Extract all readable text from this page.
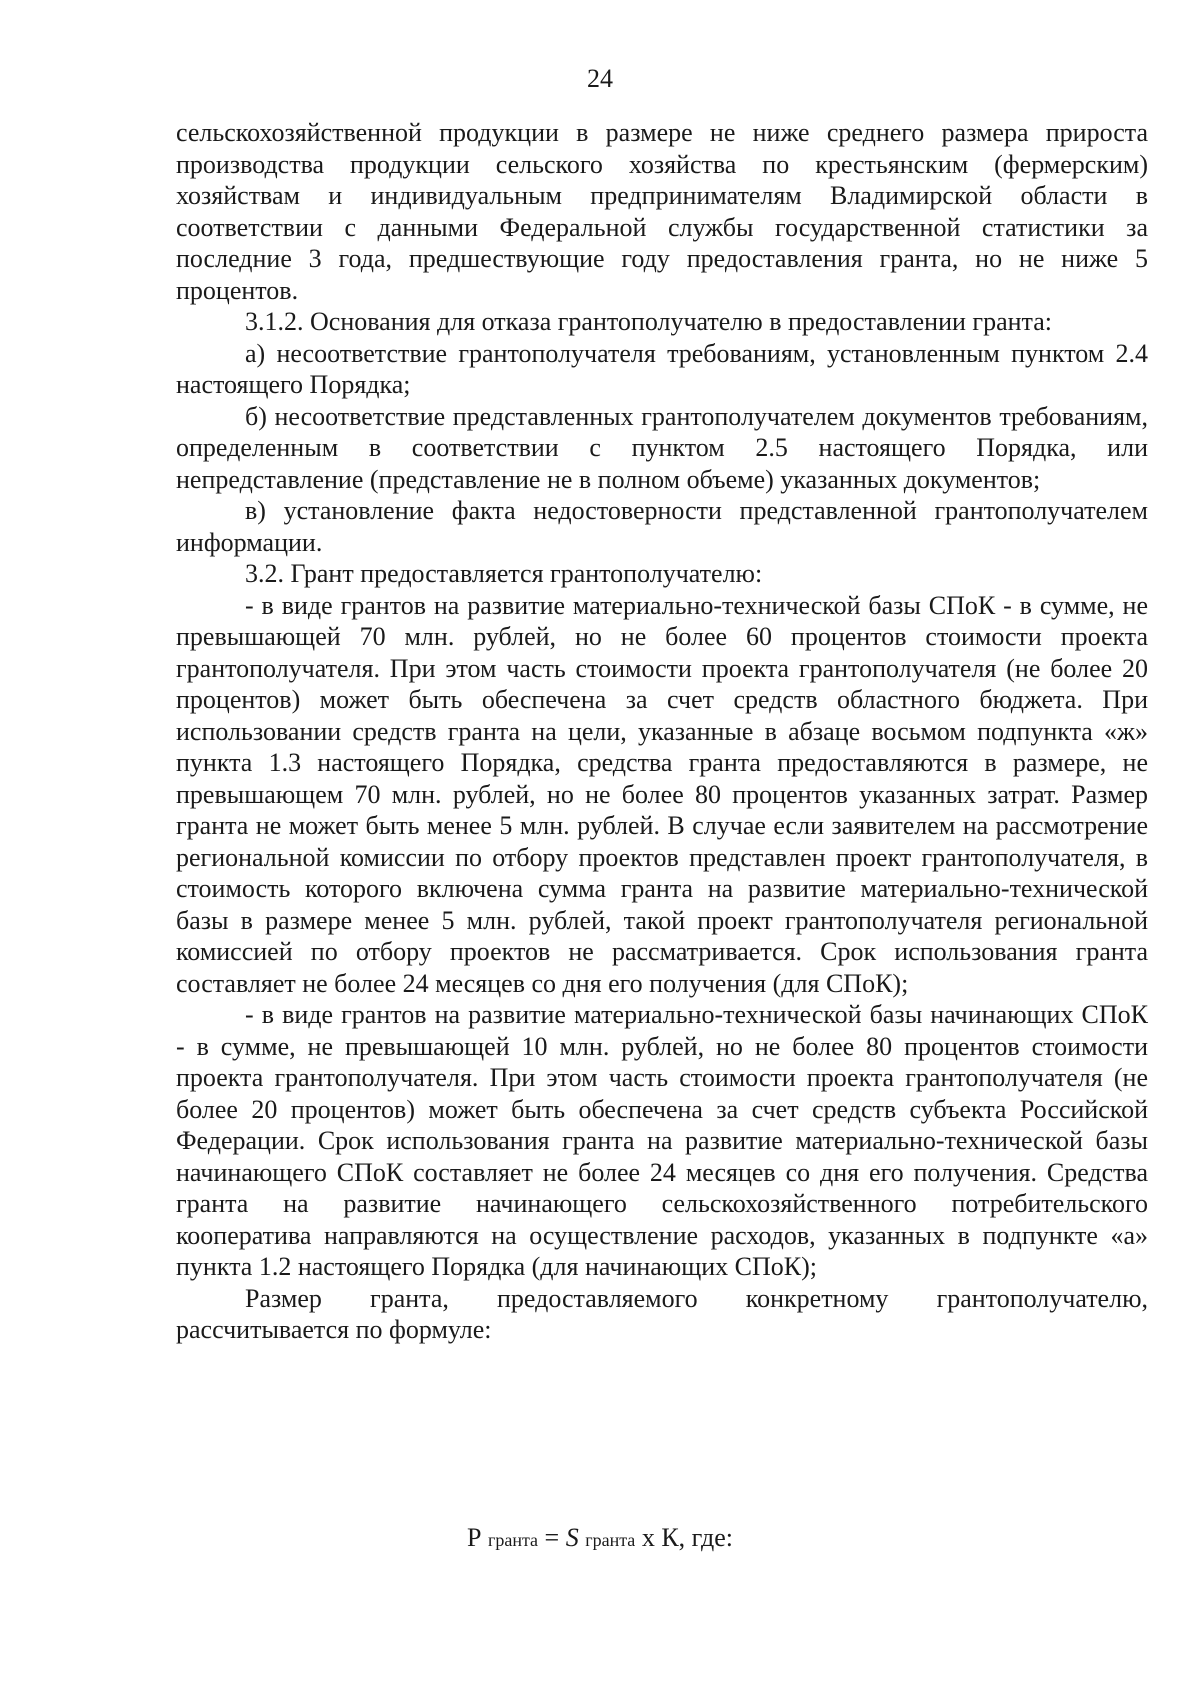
24

сельскохозяйственной продукции в размере не ниже среднего размера прироста производства продукции сельского хозяйства по крестьянским (фермерским) хозяйствам и индивидуальным предпринимателям Владимирской области в соответствии с данными Федеральной службы государственной статистики за последние 3 года, предшествующие году предоставления гранта, но не ниже 5 процентов.

3.1.2. Основания для отказа грантополучателю в предоставлении гранта:

а) несоответствие грантополучателя требованиям, установленным пунктом 2.4 настоящего Порядка;

б) несоответствие представленных грантополучателем документов требованиям, определенным в соответствии с пунктом 2.5 настоящего Порядка, или непредставление (представление не в полном объеме) указанных документов;

в) установление факта недостоверности представленной грантополучателем информации.

3.2. Грант предоставляется грантополучателю:

- в виде грантов на развитие материально-технической базы СПоК - в сумме, не превышающей 70 млн. рублей, но не более 60 процентов стоимости проекта грантополучателя. При этом часть стоимости проекта грантополучателя (не более 20 процентов) может быть обеспечена за счет средств областного бюджета. При использовании средств гранта на цели, указанные в абзаце восьмом подпункта «ж» пункта 1.3 настоящего Порядка, средства гранта предоставляются в размере, не превышающем 70 млн. рублей, но не более 80 процентов указанных затрат. Размер гранта не может быть менее 5 млн. рублей. В случае если заявителем на рассмотрение региональной комиссии по отбору проектов представлен проект грантополучателя, в стоимость которого включена сумма гранта на развитие материально-технической базы в размере менее 5 млн. рублей, такой проект грантополучателя региональной комиссией по отбору проектов не рассматривается. Срок использования гранта составляет не более 24 месяцев со дня его получения (для СПоК);

- в виде грантов на развитие материально-технической базы начинающих СПоК - в сумме, не превышающей 10 млн. рублей, но не более 80 процентов стоимости проекта грантополучателя. При этом часть стоимости проекта грантополучателя (не более 20 процентов) может быть обеспечена за счет средств субъекта Российской Федерации. Срок использования гранта на развитие материально-технической базы начинающего СПоК составляет не более 24 месяцев со дня его получения. Средства гранта на развитие начинающего сельскохозяйственного потребительского кооператива направляются на осуществление расходов, указанных в подпункте «а» пункта 1.2 настоящего Порядка (для начинающих СПоК);

Размер гранта, предоставляемого конкретному грантополучателю, рассчитывается по формуле:

Р гранта = S гранта х К, где:
